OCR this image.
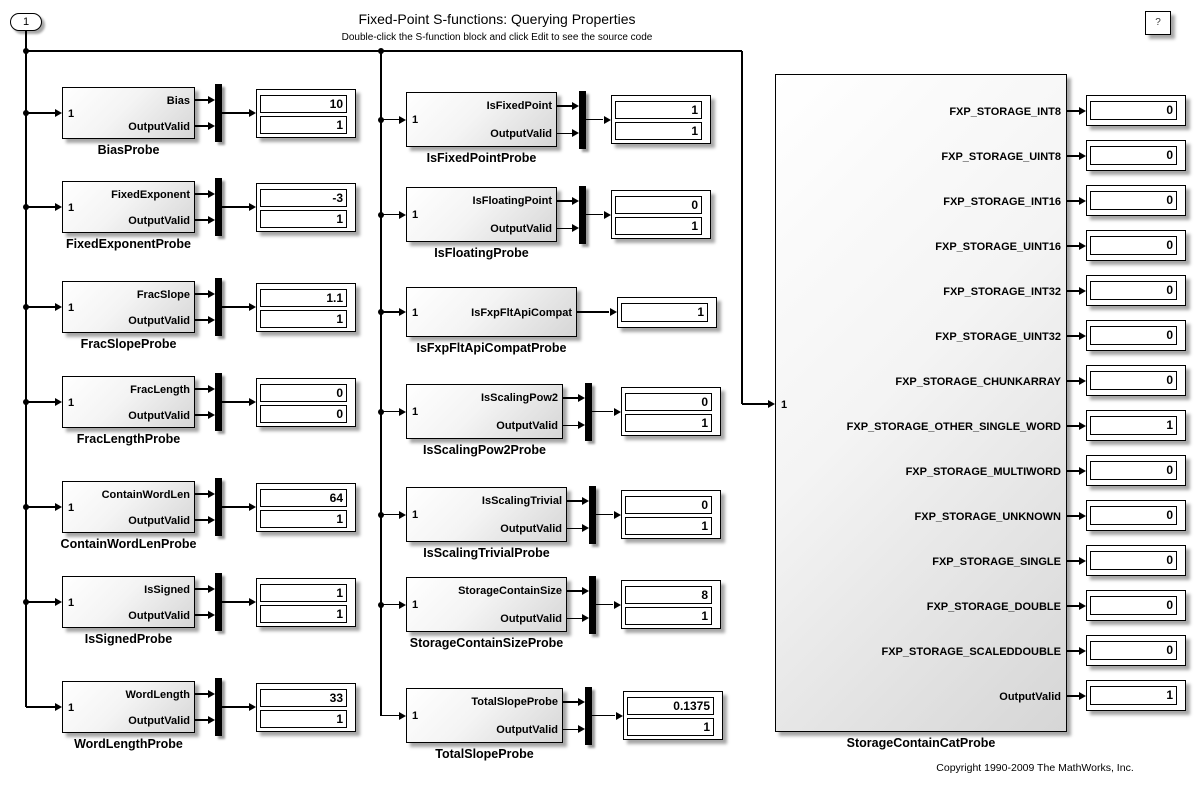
1	Fixed-Point S-functions: Querying Properties
Double-click the S-function block and click Edit to see the source code
?
Copyright 1990-2009 The MathWorks, Inc.
1
Bias
OutputValid
BiasProbe
10
1
1
FixedExponent
OutputValid
FixedExponentProbe
-3
1
1
FracSlope
OutputValid
FracSlopeProbe
1.1
1
1
FracLength
OutputValid
FracLengthProbe
0
0
1
ContainWordLen
OutputValid
ContainWordLenProbe
64
1
1
IsSigned
OutputValid
IsSignedProbe
1
1
1
WordLength
OutputValid
WordLengthProbe
33
1
1
IsFixedPoint
OutputValid
IsFixedPointProbe
1
1
1
IsFloatingPoint
OutputValid
IsFloatingProbe
0
1
1	IsFxpFltApiCompat
IsFxpFltApiCompatProbe
1
1
IsScalingPow2
OutputValid
IsScalingPow2Probe
0
1
1
IsScalingTrivial
OutputValid
IsScalingTrivialProbe
0
1
1
StorageContainSize
OutputValid
StorageContainSizeProbe
8
1
1
TotalSlopeProbe
OutputValid
TotalSlopeProbe
0.1375
1
1
FXP_STORAGE_INT8
FXP_STORAGE_UINT8
FXP_STORAGE_INT16
FXP_STORAGE_UINT16
FXP_STORAGE_INT32
FXP_STORAGE_UINT32
FXP_STORAGE_CHUNKARRAY
FXP_STORAGE_OTHER_SINGLE_WORD
FXP_STORAGE_MULTIWORD
FXP_STORAGE_UNKNOWN
FXP_STORAGE_SINGLE
FXP_STORAGE_DOUBLE
FXP_STORAGE_SCALEDDOUBLE
OutputValid
0
0
0
0
0
0
0
1
0
0
0
0
0
1
StorageContainCatProbe
